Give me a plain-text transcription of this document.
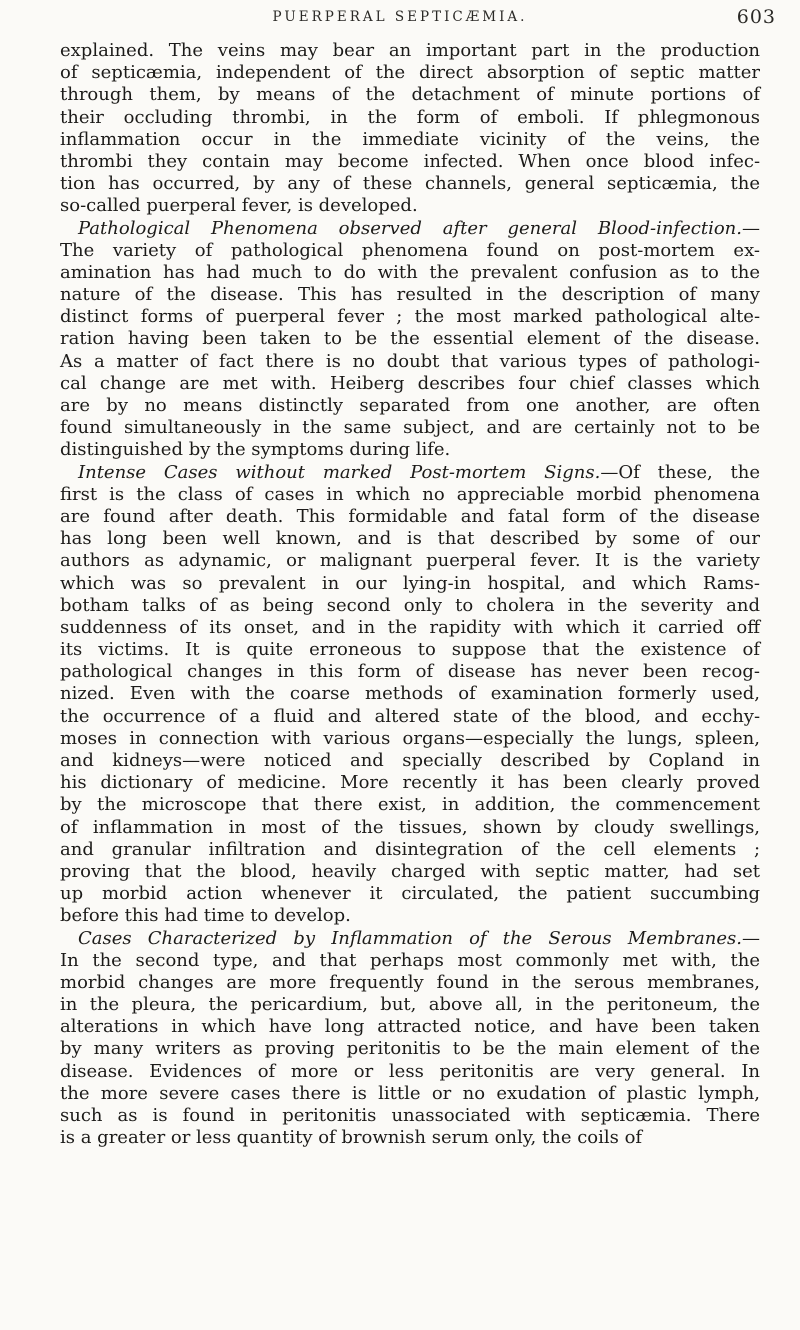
PUERPERAL SEPTICÆMIA.	603
explained. The veins may bear an important part in the production
of septicæmia, independent of the direct absorption of septic matter
through them, by means of the detachment of minute portions of
their occluding thrombi, in the form of emboli. If phlegmonous
inflammation occur in the immediate vicinity of the veins, the
thrombi they contain may become infected. When once blood infec-
tion has occurred, by any of these channels, general septicæmia, the
so-called puerperal fever, is developed.
Pathological Phenomena observed after general Blood-infection.—
The variety of pathological phenomena found on post-mortem ex-
amination has had much to do with the prevalent confusion as to the
nature of the disease. This has resulted in the description of many
distinct forms of puerperal fever ; the most marked pathological alte-
ration having been taken to be the essential element of the disease.
As a matter of fact there is no doubt that various types of pathologi-
cal change are met with. Heiberg describes four chief classes which
are by no means distinctly separated from one another, are often
found simultaneously in the same subject, and are certainly not to be
distinguished by the symptoms during life.
Intense Cases without marked Post-mortem Signs.—Of these, the
first is the class of cases in which no appreciable morbid phenomena
are found after death. This formidable and fatal form of the disease
has long been well known, and is that described by some of our
authors as adynamic, or malignant puerperal fever. It is the variety
which was so prevalent in our lying-in hospital, and which Rams-
botham talks of as being second only to cholera in the severity and
suddenness of its onset, and in the rapidity with which it carried off
its victims. It is quite erroneous to suppose that the existence of
pathological changes in this form of disease has never been recog-
nized. Even with the coarse methods of examination formerly used,
the occurrence of a fluid and altered state of the blood, and ecchy-
moses in connection with various organs—especially the lungs, spleen,
and kidneys—were noticed and specially described by Copland in
his dictionary of medicine. More recently it has been clearly proved
by the microscope that there exist, in addition, the commencement
of inflammation in most of the tissues, shown by cloudy swellings,
and granular infiltration and disintegration of the cell elements ;
proving that the blood, heavily charged with septic matter, had set
up morbid action whenever it circulated, the patient succumbing
before this had time to develop.
Cases Characterized by Inflammation of the Serous Membranes.—
In the second type, and that perhaps most commonly met with, the
morbid changes are more frequently found in the serous membranes,
in the pleura, the pericardium, but, above all, in the peritoneum, the
alterations in which have long attracted notice, and have been taken
by many writers as proving peritonitis to be the main element of the
disease. Evidences of more or less peritonitis are very general. In
the more severe cases there is little or no exudation of plastic lymph,
such as is found in peritonitis unassociated with septicæmia. There
is a greater or less quantity of brownish serum only, the coils of
